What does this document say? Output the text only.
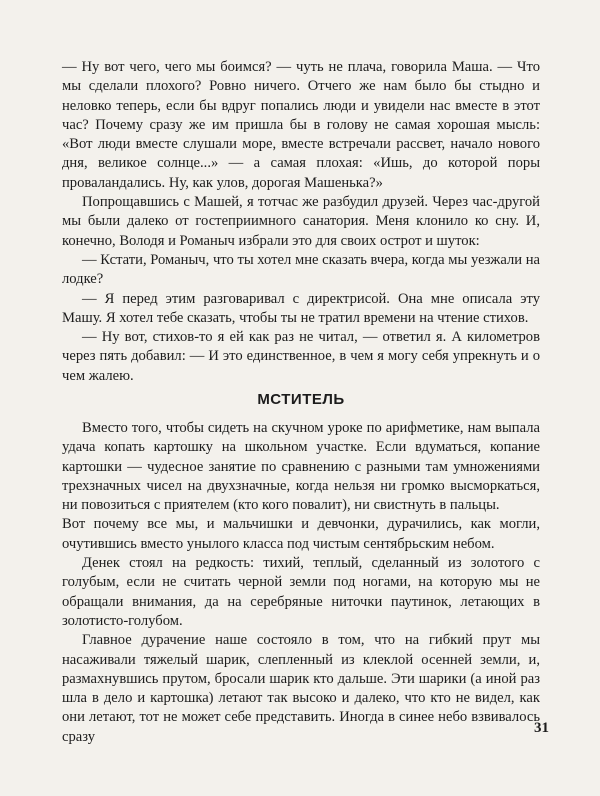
— Ну вот чего, чего мы боимся? — чуть не плача, говорила Маша. — Что мы сделали плохого? Ровно ничего. Отчего же нам было бы стыдно и неловко теперь, если бы вдруг попались люди и увидели нас вместе в этот час? Почему сразу же им пришла бы в голову не самая хорошая мысль: «Вот люди вместе слушали море, вместе встречали рассвет, начало нового дня, великое солнце...» — а самая плохая: «Ишь, до которой поры проваландались. Ну, как улов, дорогая Машенька?»

Попрощавшись с Машей, я тотчас же разбудил друзей. Через час-другой мы были далеко от гостеприимного санатория. Меня клонило ко сну. И, конечно, Володя и Романыч избрали это для своих острот и шуток:

— Кстати, Романыч, что ты хотел мне сказать вчера, когда мы уезжали на лодке?

— Я перед этим разговаривал с директрисой. Она мне описала эту Машу. Я хотел тебе сказать, чтобы ты не тратил времени на чтение стихов.

— Ну вот, стихов-то я ей как раз не читал, — ответил я. А километров через пять добавил: — И это единственное, в чем я могу себя упрекнуть и о чем жалею.

МСТИТЕЛЬ

Вместо того, чтобы сидеть на скучном уроке по арифметике, нам выпала удача копать картошку на школьном участке. Если вдуматься, копание картошки — чудесное занятие по сравнению с разными там умножениями трехзначных чисел на двухзначные, когда нельзя ни громко высморкаться, ни повозиться с приятелем (кто кого повалит), ни свистнуть в пальцы.

Вот почему все мы, и мальчишки и девчонки, дурачились, как могли, очутившись вместо унылого класса под чистым сентябрьским небом.

Денек стоял на редкость: тихий, теплый, сделанный из золотого с голубым, если не считать черной земли под ногами, на которую мы не обращали внимания, да на серебряные ниточки паутинок, летающих в золотисто-голубом.

Главное дурачение наше состояло в том, что на гибкий прут мы насаживали тяжелый шарик, слепленный из клеклой осенней земли, и, размахнувшись прутом, бросали шарик кто дальше. Эти шарики (а иной раз шла в дело и картошка) летают так высоко и далеко, что кто не видел, как они летают, тот не может себе представить. Иногда в синее небо взвивалось сразу

31
